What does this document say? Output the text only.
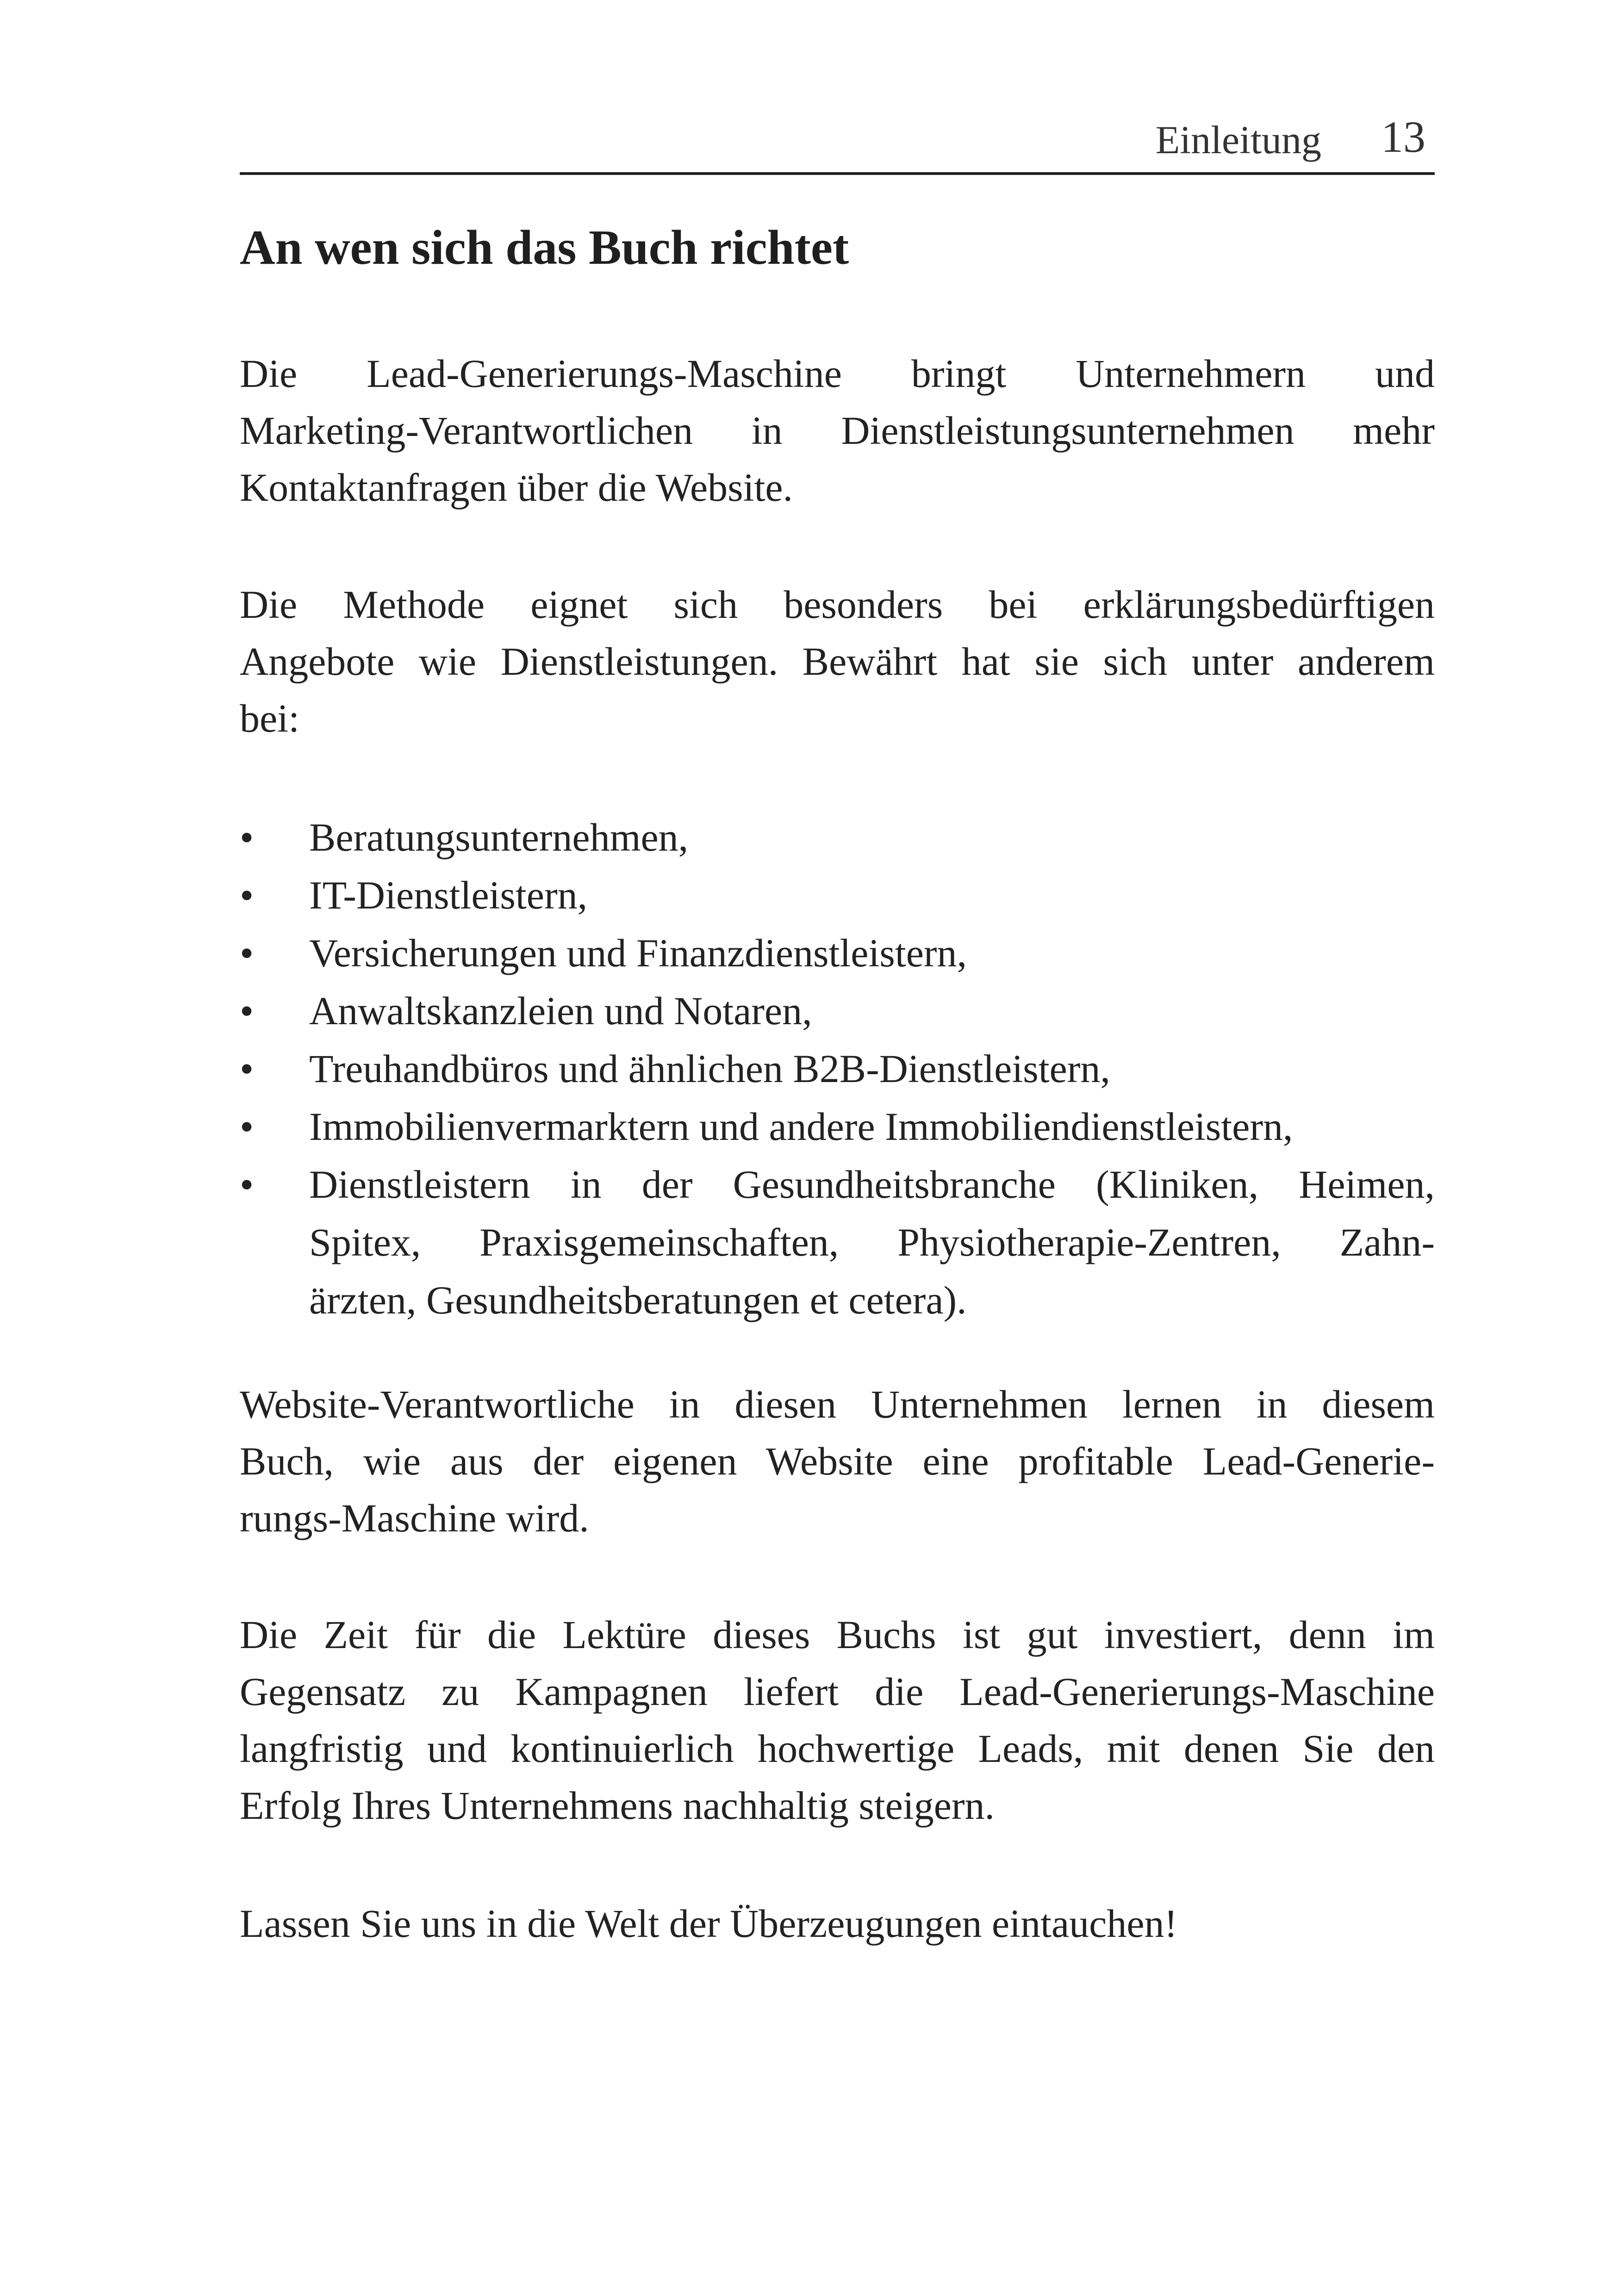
Einleitung 13
An wen sich das Buch richtet
Die Lead-Generierungs-Maschine bringt Unternehmern und
Marketing-Verantwortlichen in Dienstleistungsunternehmen mehr
Kontaktanfragen über die Website.
Die Methode eignet sich besonders bei erklärungsbedürftigen
Angebote wie Dienstleistungen. Bewährt hat sie sich unter anderem
bei:
•	Beratungsunternehmen,
•	IT-Dienstleistern,
•	Versicherungen und Finanzdienstleistern,
•	Anwaltskanzleien und Notaren,
•	Treuhandbüros und ähnlichen B2B-Dienstleistern,
•	Immobilienvermarktern und andere Immobiliendienstleistern,
•	Dienstleistern in der Gesundheitsbranche (Kliniken, Heimen,
Spitex, Praxisgemeinschaften, Physiotherapie-Zentren, Zahn-
ärzten, Gesundheitsberatungen et cetera).
Website-Verantwortliche in diesen Unternehmen lernen in diesem
Buch, wie aus der eigenen Website eine profitable Lead-Generie-
rungs-Maschine wird.
Die Zeit für die Lektüre dieses Buchs ist gut investiert, denn im
Gegensatz zu Kampagnen liefert die Lead-Generierungs-Maschine
langfristig und kontinuierlich hochwertige Leads, mit denen Sie den
Erfolg Ihres Unternehmens nachhaltig steigern.
Lassen Sie uns in die Welt der Überzeugungen eintauchen!
